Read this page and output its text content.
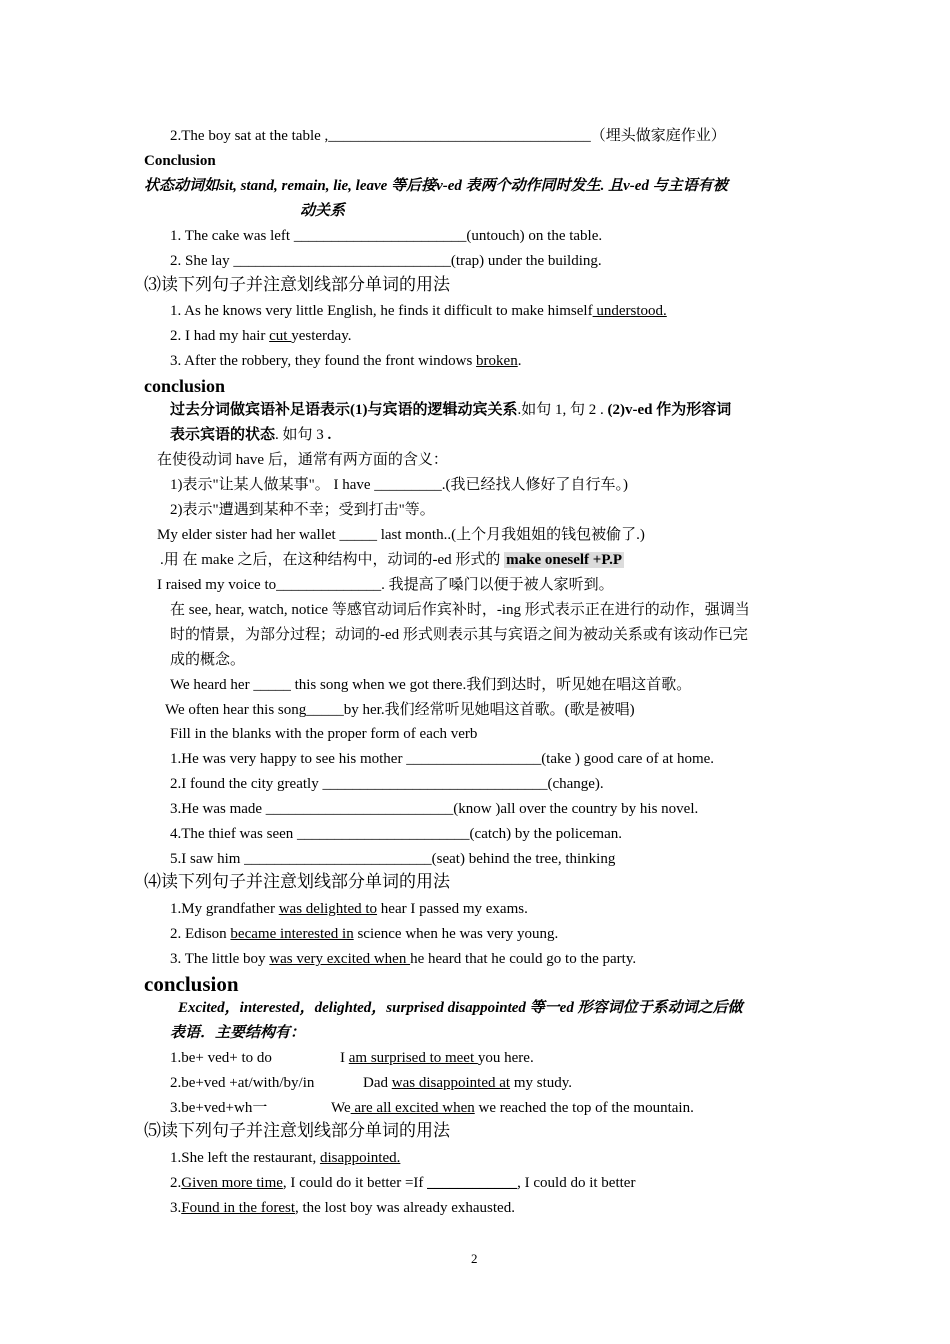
2.The boy sat at the table ,___________________________________（埋头做家庭作业）
Conclusion
状态动词如sit, stand, remain, lie, leave 等后接v-ed 表两个动作同时发生. 且v-ed 与主语有被
动关系
1. The cake was left _______________________(untouch) on the table.
2. She lay _____________________________(trap) under the building.
⑶读下列句子并注意划线部分单词的用法
1. As he knows very little English, he finds it difficult to make himself understood.
2. I had my hair cut yesterday.
3. After the robbery, they found the front windows broken.
conclusion
过去分词做宾语补足语表示(1)与宾语的逻辑动宾关系.如句 1, 句 2 . (2)v-ed 作为形容词
表示宾语的状态. 如句 3 .
在使役动词 have 后，通常有两方面的含义：
1)表示"让某人做某事"。 I have _________.(我已经找人修好了自行车。)
2)表示"遭遇到某种不幸；受到打击"等。
My elder sister had her wallet _____ last month..(上个月我姐姐的钱包被偷了.)
.用 在 make 之后，在这种结构中，动词的-ed 形式的 make oneself +P.P
I raised my voice to______________. 我提高了嗓门以便于被人家听到。
在 see, hear, watch, notice 等感官动词后作宾补时，-ing 形式表示正在进行的动作，强调当
时的情景，为部分过程；动词的-ed 形式则表示其与宾语之间为被动关系或有该动作已完
成的概念。
We heard her _____ this song when we got there.我们到达时，听见她在唱这首歌。
We often hear this song_____by her.我们经常听见她唱这首歌。(歌是被唱)
Fill in the blanks with the proper form of each verb
1.He was very happy to see his mother __________________(take ) good care of at home.
2.I found the city greatly ______________________________(change).
3.He was made _________________________(know )all over the country by his novel.
4.The thief was seen _______________________(catch) by the policeman.
5.I saw him _________________________(seat) behind the tree, thinking
⑷读下列句子并注意划线部分单词的用法
1.My grandfather was delighted to hear I passed my exams.
2. Edison became interested in science when he was very young.
3. The little boy was very excited when he heard that he could go to the party.
conclusion
Excited，interested，delighted，surprised disappointed 等一ed 形容词位于系动词之后做
表语．主要结构有：
1.be+ ved+ to do	I am surprised to meet you here.
2.be+ved +at/with/by/in	Dad was disappointed at my study.
3.be+ved+wh一	We are all excited when we reached the top of the mountain.
⑸读下列句子并注意划线部分单词的用法
1.She left the restaurant, disappointed.
2.Given more time, I could do it better =If ____________, I could do it better
3.Found in the forest, the lost boy was already exhausted.
2
